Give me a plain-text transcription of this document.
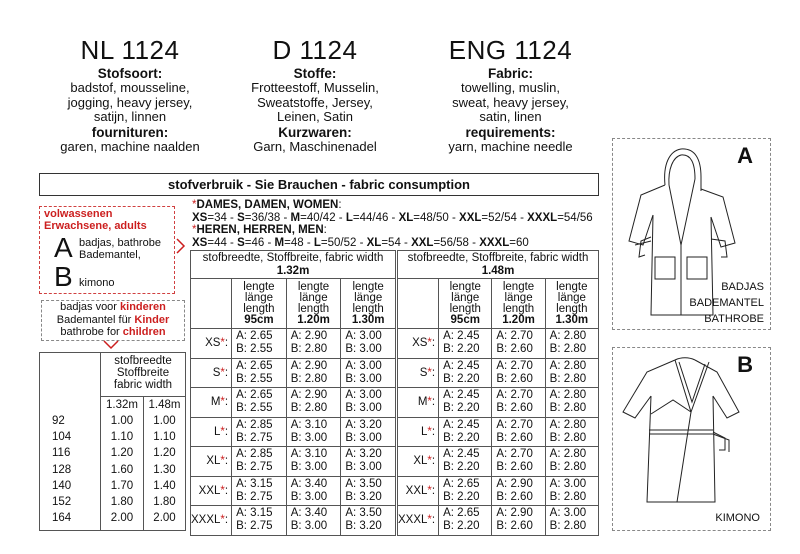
NL 1124
Stofsoort:
badstof, mousseline,
jogging, heavy jersey,
satijn, linnen
fournituren:
garen, machine naalden
D 1124
Stoffe:
Frotteestoff, Musselin,
Sweatstoffe, Jersey,
Leinen, Satin
Kurzwaren:
Garn, Maschinenadel
ENG 1124
Fabric:
towelling, muslin,
sweat, heavy jersey,
satin, linen
requirements:
yarn, machine needle
stofverbruik - Sie Brauchen - fabric consumption
volwassenen
Erwachsene, adults
A badjas, bathrobe
Bademantel,
B kimono
*DAMES, DAMEN, WOMEN:
XS=34 - S=36/38 - M=40/42 - L=44/46 - XL=48/50 - XXL=52/54 - XXXL=54/56
*HEREN, HERREN, MEN:
XS=44 - S=46 - M=48 - L=50/52 - XL=54 - XXL=56/58 - XXXL=60
stofbreedte, Stoffbreite, fabric width
1.32m			
	lengte
länge
length
95cm	lengte
länge
length
1.20m	lengte
länge
length
1.30m

XS*:	A: 2.65
B: 2.55	A: 2.90
B: 2.80	A: 3.00
B: 3.00
S*:	A: 2.65
B: 2.55	A: 2.90
B: 2.80	A: 3.00
B: 3.00
M*:	A: 2.65
B: 2.55	A: 2.90
B: 2.80	A: 3.00
B: 3.00
L*:	A: 2.85
B: 2.75	A: 3.10
B: 3.00	A: 3.20
B: 3.00
XL*:	A: 2.85
B: 2.75	A: 3.10
B: 3.00	A: 3.20
B: 3.00
XXL*:	A: 3.15
B: 2.75	A: 3.40
B: 3.00	A: 3.50
B: 3.20
XXXL*:	A: 3.15
B: 2.75	A: 3.40
B: 3.00	A: 3.50
B: 3.20
stofbreedte, Stoffbreite, fabric width
1.48m			
	lengte
länge
length
95cm	lengte
länge
length
1.20m	lengte
länge
length
1.30m

XS*:	A: 2.45
B: 2.20	A: 2.70
B: 2.60	A: 2.80
B: 2.80
S*:	A: 2.45
B: 2.20	A: 2.70
B: 2.60	A: 2.80
B: 2.80
M*:	A: 2.45
B: 2.20	A: 2.70
B: 2.60	A: 2.80
B: 2.80
L*:	A: 2.45
B: 2.20	A: 2.70
B: 2.60	A: 2.80
B: 2.80
XL*:	A: 2.45
B: 2.20	A: 2.70
B: 2.60	A: 2.80
B: 2.80
XXL*:	A: 2.65
B: 2.20	A: 2.90
B: 2.60	A: 3.00
B: 2.80
XXXL*:	A: 2.65
B: 2.20	A: 2.90
B: 2.60	A: 3.00
B: 2.80
badjas voor kinderen
Bademantel für Kinder
bathrobe for children
stofbreedte
Stoffbreite
fabric width
1.32m 1.48m
92	1.00	1.00
104	1.10	1.10
116	1.20	1.20
128	1.60	1.30
140	1.70	1.40
152	1.80	1.80
164	2.00	2.00
A
BADJAS
BADEMANTEL
BATHROBE
B
KIMONO
